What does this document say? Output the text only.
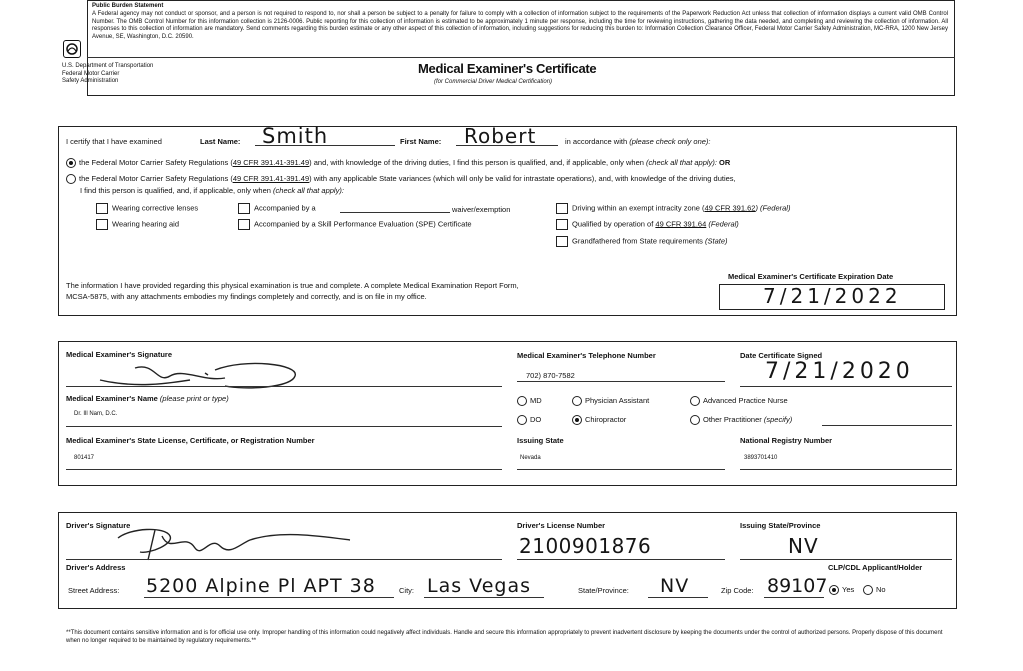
Public Burden Statement
A Federal agency may not conduct or sponsor, and a person is not required to respond to, nor shall a person be subject to a penalty for failure to comply with a collection of information subject to the requirements of the Paperwork Reduction Act unless that collection of information displays a current valid OMB Control Number. The OMB Control Number for this information collection is 2126-0006. Public reporting for this collection of information is estimated to be approximately 1 minute per response, including the time for reviewing instructions, gathering the data needed, and completing and reviewing the collection of information. All responses to this collection of information are mandatory. Send comments regarding this burden estimate or any other aspect of this collection of information, including suggestions for reducing this burden to: Information Collection Clearance Officer, Federal Motor Carrier Safety Administration, MC-RRA, 1200 New Jersey Avenue, SE, Washington, D.C. 20590.
U.S. Department of Transportation
Federal Motor Carrier
Safety Administration
Medical Examiner's Certificate
(for Commercial Driver Medical Certification)
I certify that I have examined	Last Name: Smith	First Name: Robert	in accordance with (please check only one):
the Federal Motor Carrier Safety Regulations (49 CFR 391.41-391.49) and, with knowledge of the driving duties, I find this person is qualified, and, if applicable, only when (check all that apply): OR
the Federal Motor Carrier Safety Regulations (49 CFR 391.41-391.49) with any applicable State variances (which will only be valid for intrastate operations), and, with knowledge of the driving duties,
I find this person is qualified, and, if applicable, only when (check all that apply):
Wearing corrective lenses
Wearing hearing aid
Accompanied by a	waiver/exemption
Accompanied by a Skill Performance Evaluation (SPE) Certificate
Driving within an exempt intracity zone (49 CFR 391.62) (Federal)
Qualified by operation of 49 CFR 391.64 (Federal)
Grandfathered from State requirements (State)
The information I have provided regarding this physical examination is true and complete. A complete Medical Examination Report Form,
MCSA-5875, with any attachments embodies my findings completely and correctly, and is on file in my office.
Medical Examiner's Certificate Expiration Date
7/21/2022
Medical Examiner's Signature	Medical Examiner's Telephone Number
702) 870-7582
Date Certificate Signed
7/21/2020
Medical Examiner's Name (please print or type)
Dr. Ill Nam, D.C.
MD
DO
Physician Assistant
Chiropractor
Advanced Practice Nurse
Other Practitioner (specify)
Medical Examiner's State License, Certificate, or Registration Number
801417
Issuing State
Nevada
National Registry Number
3893701410
Driver's Signature	Driver's License Number
2100901876
Issuing State/Province
NV
Driver's Address	CLP/CDL Applicant/Holder
Street Address: 5200 Alpine Pl APT 38	City: Las Vegas	State/Province: NV	Zip Code: 89107	Yes	No
**This document contains sensitive information and is for official use only. Improper handling of this information could negatively affect individuals. Handle and secure this information appropriately to prevent inadvertent disclosure by keeping the documents under the control of authorized persons. Properly dispose of this document when no longer required to be maintained by regulatory requirements.**
